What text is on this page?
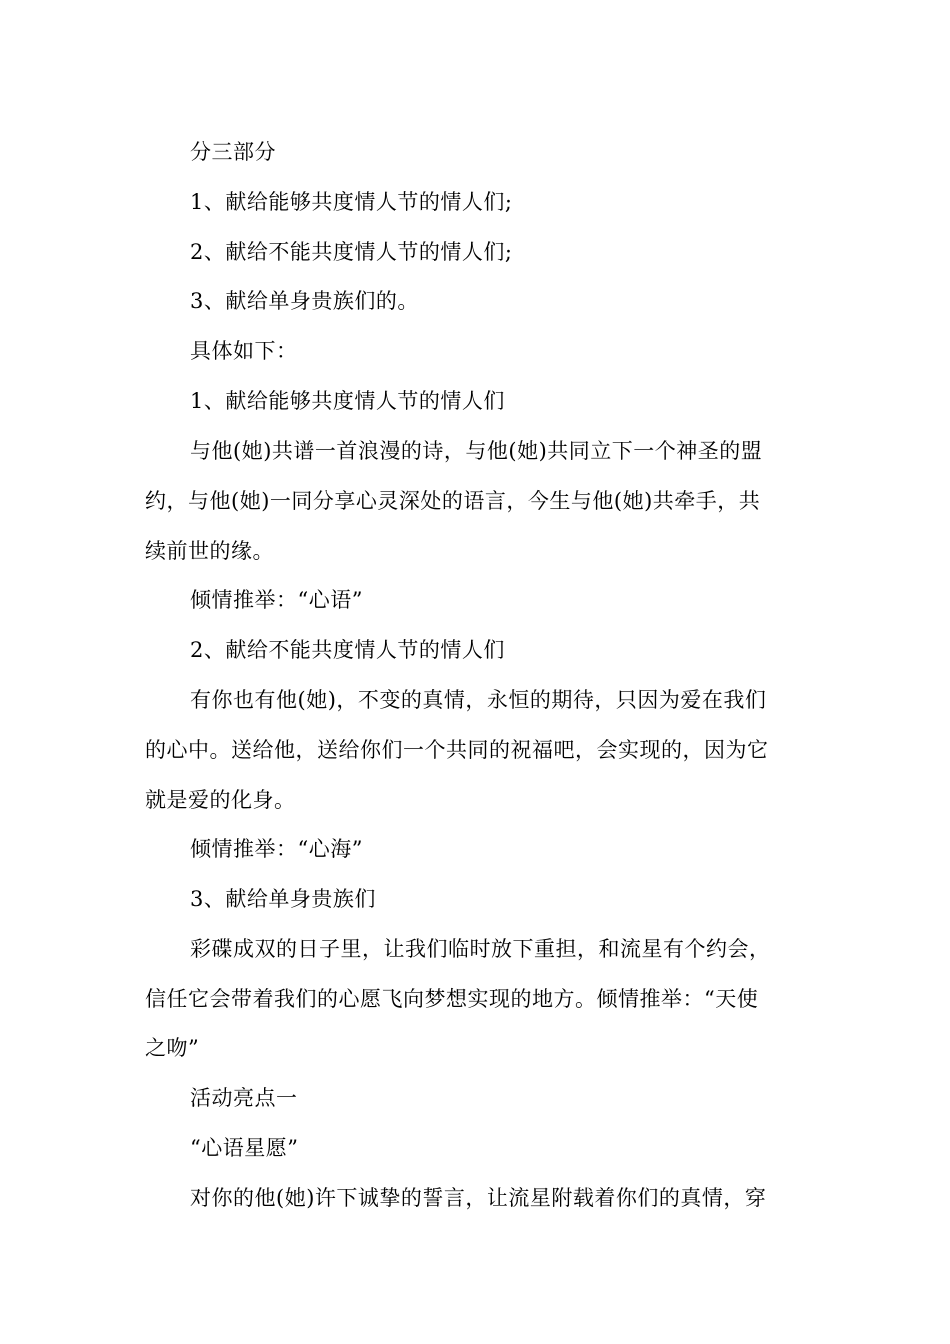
分三部分
1、献给能够共度情人节的情人们;
2、献给不能共度情人节的情人们;
3、献给单身贵族们的。
具体如下：
1、献给能够共度情人节的情人们
与他(她)共谱一首浪漫的诗，与他(她)共同立下一个神圣的盟
约，与他(她)一同分享心灵深处的语言，今生与他(她)共牵手，共
续前世的缘。
倾情推举：“心语”
2、献给不能共度情人节的情人们
有你也有他(她)，不变的真情，永恒的期待，只因为爱在我们
的心中。送给他，送给你们一个共同的祝福吧，会实现的，因为它
就是爱的化身。
倾情推举：“心海”
3、献给单身贵族们
彩碟成双的日子里，让我们临时放下重担，和流星有个约会，
信任它会带着我们的心愿飞向梦想实现的地方。倾情推举：“天使
之吻”
活动亮点一
“心语星愿”
对你的他(她)许下诚挚的誓言，让流星附载着你们的真情，穿
